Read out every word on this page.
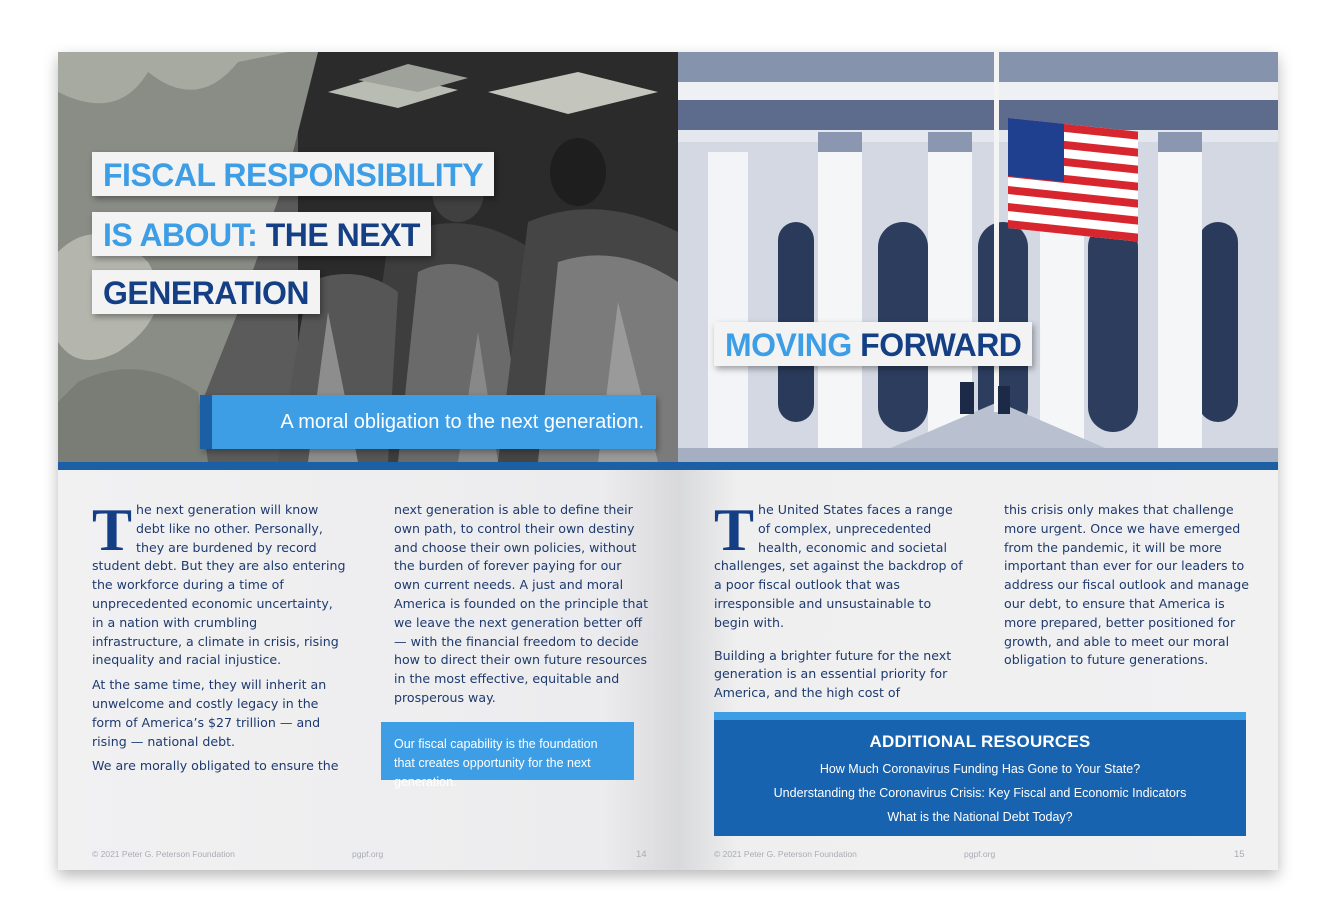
FISCAL RESPONSIBILITY
IS ABOUT: THE NEXT
GENERATION
A moral obligation to the next generation.

The next generation will know debt like no other. Personally, they are burdened by record student debt. But they are also entering the workforce during a time of unprecedented economic uncertainty, in a nation with crumbling infrastructure, a climate in crisis, rising inequality and racial injustice.

At the same time, they will inherit an unwelcome and costly legacy in the form of America’s $27 trillion — and rising — national debt.

We are morally obligated to ensure the

next generation is able to define their own path, to control their own destiny and choose their own policies, without the burden of forever paying for our own current needs. A just and moral America is founded on the principle that we leave the next generation better off — with the financial freedom to decide how to direct their own future resources in the most effective, equitable and prosperous way.

Our fiscal capability is the foundation that creates opportunity for the next generation.
© 2021 Peter G. Peterson Foundation	pgpf.org	14
MOVING FORWARD

The United States faces a range of complex, unprecedented health, economic and societal challenges, set against the backdrop of a poor fiscal outlook that was irresponsible and unsustainable to begin with.

Building a brighter future for the next generation is an essential priority for America, and the high cost of

this crisis only makes that challenge more urgent. Once we have emerged from the pandemic, it will be more important than ever for our leaders to address our fiscal outlook and manage our debt, to ensure that America is more prepared, better positioned for growth, and able to meet our moral obligation to future generations.

ADDITIONAL RESOURCES
How Much Coronavirus Funding Has Gone to Your State?
Understanding the Coronavirus Crisis: Key Fiscal and Economic Indicators
What is the National Debt Today?
© 2021 Peter G. Peterson Foundation	pgpf.org	15
